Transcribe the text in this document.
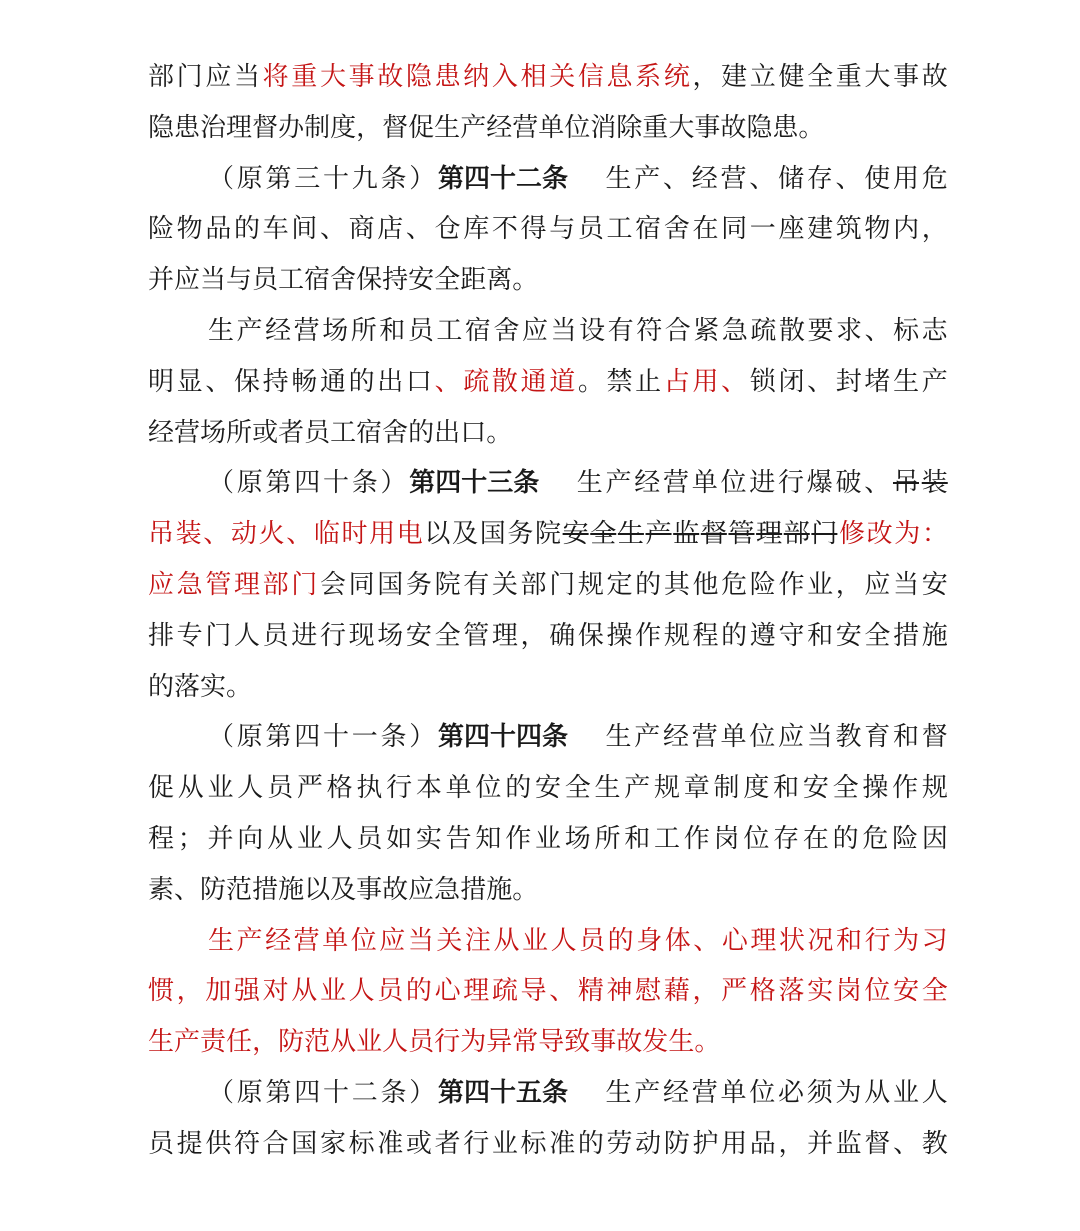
部 门 应 当 将 重 大 事 故 隐 患 纳 入 相 关 信 息 系 统 ， 建 立 健 全 重 大 事 故
隐 患 治 理 督 办 制 度 ， 督 促 生 产 经 营 单 位 消 除 重 大 事 故 隐 患 。
（ 原 第 三 十 九 条 ） 第四十二条 生 产 、 经 营 、 储 存 、 使 用 危
险 物 品 的 车 间 、 商 店 、 仓 库 不 得 与 员 工 宿 舍 在 同 一 座 建 筑 物 内 ，
并 应 当 与 员 工 宿 舍 保 持 安 全 距 离 。
生 产 经 营 场 所 和 员 工 宿 舍 应 当 设 有 符 合 紧 急 疏 散 要 求 、 标 志
明 显 、 保 持 畅 通 的 出 口 、 疏 散 通 道 。 禁 止 占 用 、 锁 闭 、 封 堵 生 产
经 营 场 所 或 者 员 工 宿 舍 的 出 口 。
（ 原 第 四 十 条 ） 第四十三条 生 产 经 营 单 位 进 行 爆 破 、 吊 装
吊 装 、 动 火 、 临 时 用 电 以 及 国 务 院 安 全 生 产 监 督 管 理 部 门 修 改 为 ：
应 急 管 理 部 门 会 同 国 务 院 有 关 部 门 规 定 的 其 他 危 险 作 业 ， 应 当 安
排 专 门 人 员 进 行 现 场 安 全 管 理 ， 确 保 操 作 规 程 的 遵 守 和 安 全 措 施
的 落 实 。
（ 原 第 四 十 一 条 ） 第四十四条 生 产 经 营 单 位 应 当 教 育 和 督
促 从 业 人 员 严 格 执 行 本 单 位 的 安 全 生 产 规 章 制 度 和 安 全 操 作 规
程 ； 并 向 从 业 人 员 如 实 告 知 作 业 场 所 和 工 作 岗 位 存 在 的 危 险 因
素 、 防 范 措 施 以 及 事 故 应 急 措 施 。
生 产 经 营 单 位 应 当 关 注 从 业 人 员 的 身 体 、 心 理 状 况 和 行 为 习
惯 ， 加 强 对 从 业 人 员 的 心 理 疏 导 、 精 神 慰 藉 ， 严 格 落 实 岗 位 安 全
生 产 责 任 ， 防 范 从 业 人 员 行 为 异 常 导 致 事 故 发 生 。
（ 原 第 四 十 二 条 ） 第四十五条 生 产 经 营 单 位 必 须 为 从 业 人
员 提 供 符 合 国 家 标 准 或 者 行 业 标 准 的 劳 动 防 护 用 品 ， 并 监 督 、 教
